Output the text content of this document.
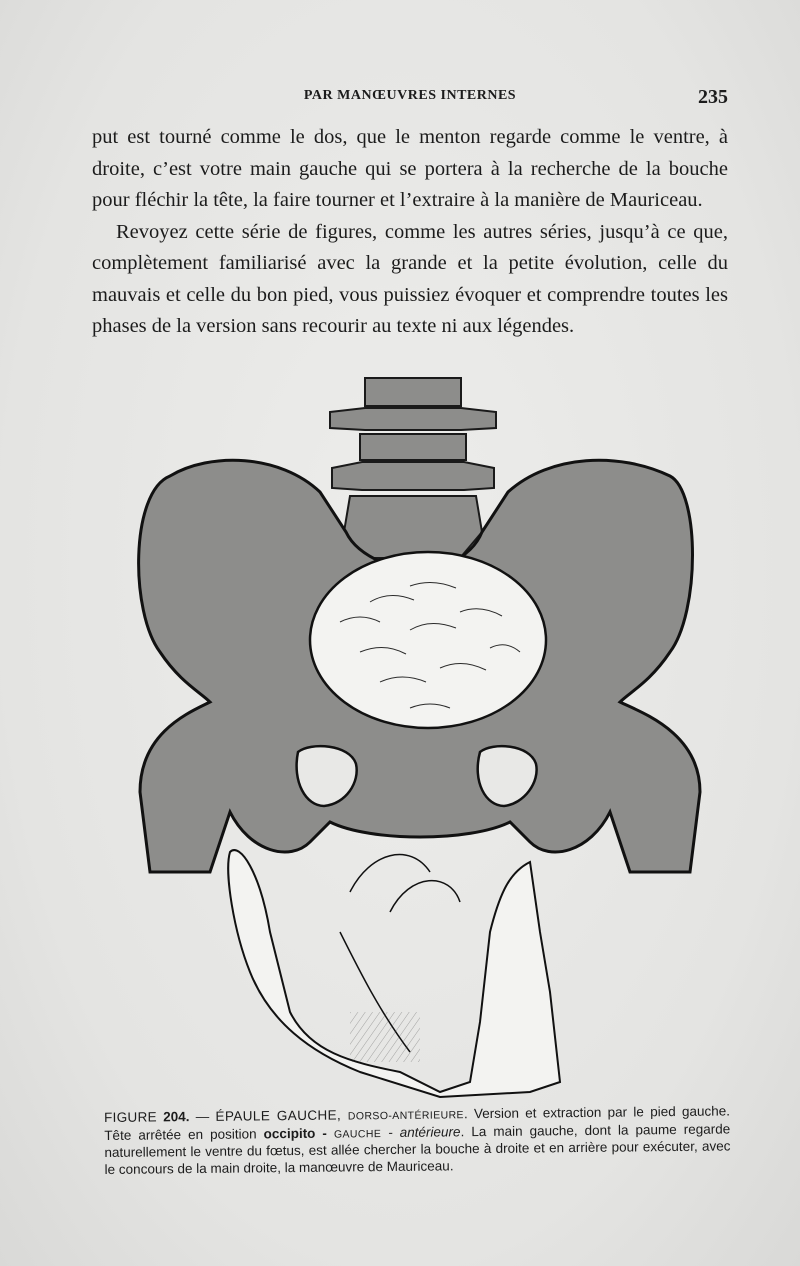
PAR MANŒUVRES INTERNES	235

put est tourné comme le dos, que le menton regarde comme le ventre, à droite, c’est votre main gauche qui se portera à la recherche de la bouche pour fléchir la tête, la faire tourner et l’extraire à la manière de Mauriceau.

Revoyez cette série de figures, comme les autres séries, jusqu’à ce que, complètement familiarisé avec la grande et la petite évolution, celle du mauvais et celle du bon pied, vous puissiez évoquer et comprendre toutes les phases de la version sans recourir au texte ni aux légendes.

FIGURE 204. — ÉPAULE GAUCHE, DORSO-ANTÉRIEURE. Version et extraction par le pied gauche. Tête arrêtée en position occipito - GAUCHE - antérieure. La main gauche, dont la paume regarde naturellement le ventre du fœtus, est allée chercher la bouche à droite et en arrière pour exécuter, avec le concours de la main droite, la manœuvre de Mauriceau.
